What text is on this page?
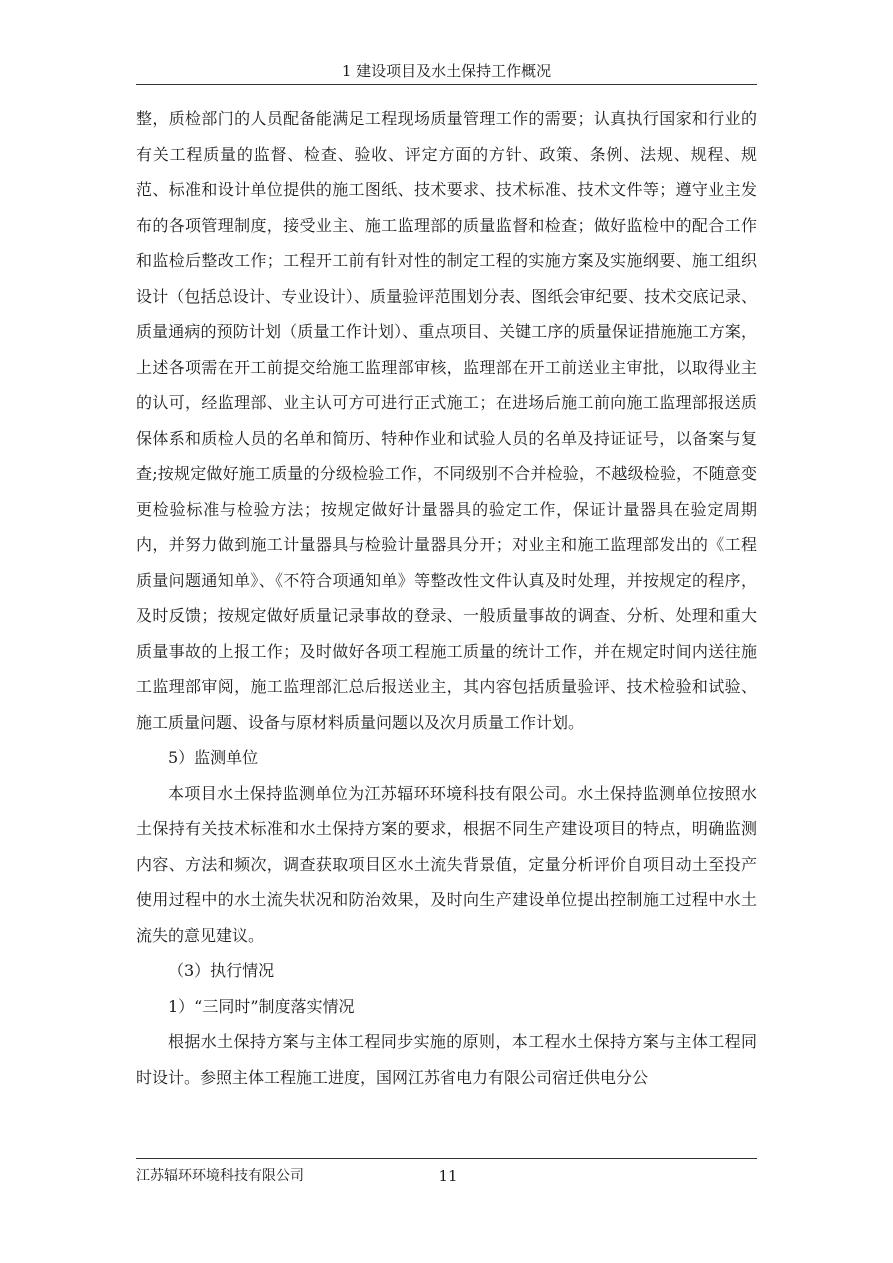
1 建设项目及水土保持工作概况

整，质检部门的人员配备能满足工程现场质量管理工作的需要；认真执行国家和行业的有关工程质量的监督、检查、验收、评定方面的方针、政策、条例、法规、规程、规范、标准和设计单位提供的施工图纸、技术要求、技术标准、技术文件等；遵守业主发布的各项管理制度，接受业主、施工监理部的质量监督和检查；做好监检中的配合工作和监检后整改工作；工程开工前有针对性的制定工程的实施方案及实施纲要、施工组织设计（包括总设计、专业设计）、质量验评范围划分表、图纸会审纪要、技术交底记录、质量通病的预防计划（质量工作计划）、重点项目、关键工序的质量保证措施施工方案，上述各项需在开工前提交给施工监理部审核，监理部在开工前送业主审批，以取得业主的认可，经监理部、业主认可方可进行正式施工；在进场后施工前向施工监理部报送质保体系和质检人员的名单和简历、特种作业和试验人员的名单及持证证号，以备案与复查;按规定做好施工质量的分级检验工作，不同级别不合并检验，不越级检验，不随意变更检验标准与检验方法；按规定做好计量器具的验定工作，保证计量器具在验定周期内，并努力做到施工计量器具与检验计量器具分开；对业主和施工监理部发出的《工程质量问题通知单》、《不符合项通知单》等整改性文件认真及时处理，并按规定的程序，及时反馈；按规定做好质量记录事故的登录、一般质量事故的调查、分析、处理和重大质量事故的上报工作；及时做好各项工程施工质量的统计工作，并在规定时间内送往施工监理部审阅，施工监理部汇总后报送业主，其内容包括质量验评、技术检验和试验、施工质量问题、设备与原材料质量问题以及次月质量工作计划。

5）监测单位

本项目水土保持监测单位为江苏辐环环境科技有限公司。水土保持监测单位按照水土保持有关技术标准和水土保持方案的要求，根据不同生产建设项目的特点，明确监测内容、方法和频次，调查获取项目区水土流失背景值，定量分析评价自项目动土至投产使用过程中的水土流失状况和防治效果，及时向生产建设单位提出控制施工过程中水土流失的意见建议。

（3）执行情况

1）“三同时”制度落实情况

根据水土保持方案与主体工程同步实施的原则，本工程水土保持方案与主体工程同时设计。参照主体工程施工进度，国网江苏省电力有限公司宿迁供电分公

江苏辐环环境科技有限公司	11
